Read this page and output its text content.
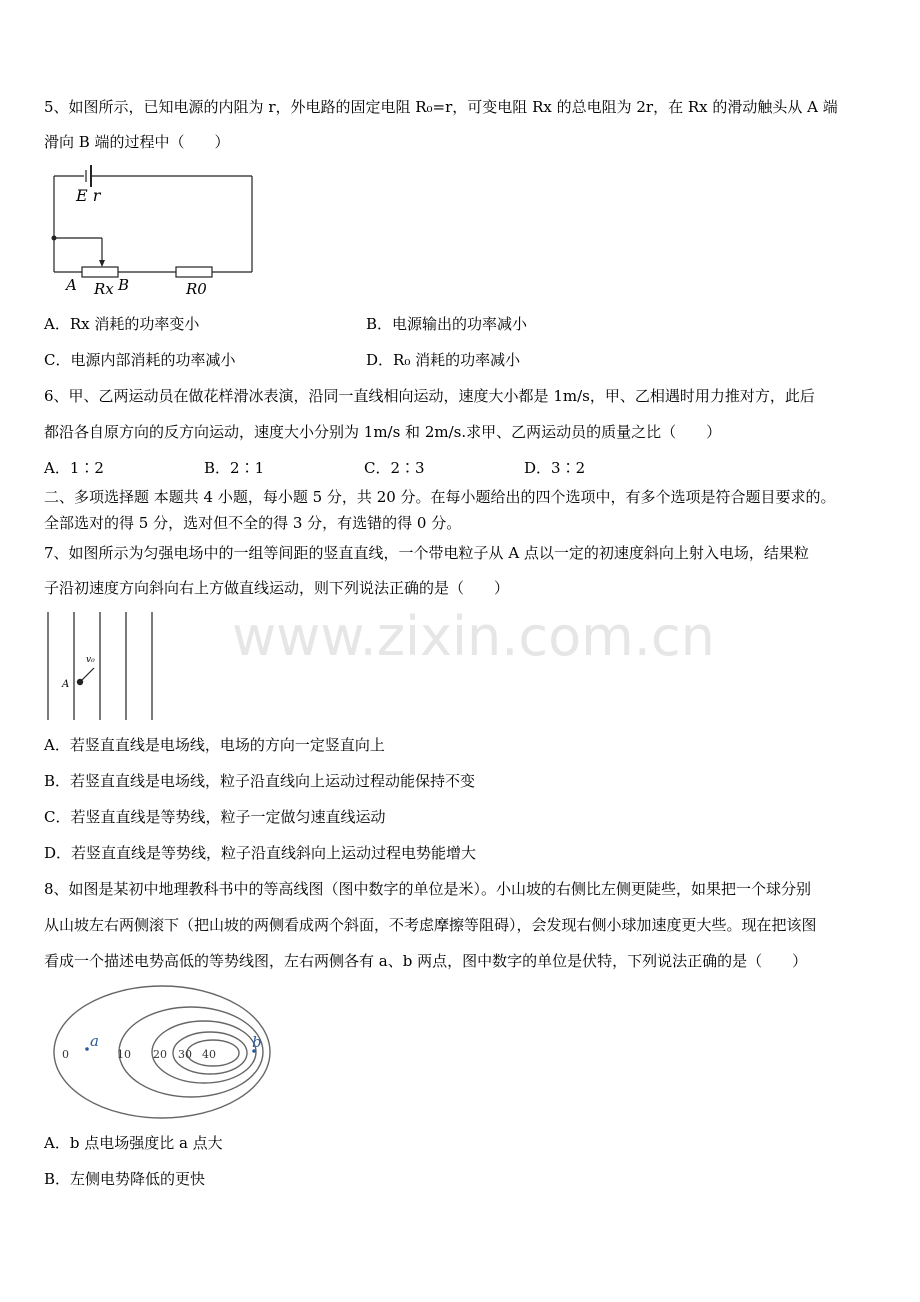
www.zixin.com.cn
5、如图所示，已知电源的内阻为 r，外电路的固定电阻 R₀=r，可变电阻 Rx 的总电阻为 2r，在 Rx 的滑动触头从 A 端
滑向 B 端的过程中（　　）
E r
A Rx B	R0
A．Rx 消耗的功率变小	B．电源输出的功率减小
C．电源内部消耗的功率减小	D．R₀ 消耗的功率减小
6、甲、乙两运动员在做花样滑冰表演，沿同一直线相向运动，速度大小都是 1m/s，甲、乙相遇时用力推对方，此后
都沿各自原方向的反方向运动，速度大小分别为 1m/s 和 2m/s.求甲、乙两运动员的质量之比（　　）
A．1∶2	B．2∶1	C．2∶3	D．3∶2
二、多项选择题 本题共 4 小题，每小题 5 分，共 20 分。在每小题给出的四个选项中，有多个选项是符合题目要求的。
全部选对的得 5 分，选对但不全的得 3 分，有选错的得 0 分。
7、如图所示为匀强电场中的一组等间距的竖直直线，一个带电粒子从 A 点以一定的初速度斜向上射入电场，结果粒
子沿初速度方向斜向右上方做直线运动，则下列说法正确的是（　　）
A
v₀
A．若竖直直线是电场线，电场的方向一定竖直向上
B．若竖直直线是电场线，粒子沿直线向上运动过程动能保持不变
C．若竖直直线是等势线，粒子一定做匀速直线运动
D．若竖直直线是等势线，粒子沿直线斜向上运动过程电势能增大
8、如图是某初中地理教科书中的等高线图（图中数字的单位是米）。小山坡的右侧比左侧更陡些，如果把一个球分别
从山坡左右两侧滚下（把山坡的两侧看成两个斜面，不考虑摩擦等阻碍），会发现右侧小球加速度更大些。现在把该图
看成一个描述电势高低的等势线图，左右两侧各有 a、b 两点，图中数字的单位是伏特，下列说法正确的是（　　）
0	10 20 30 40
a	b
A．b 点电场强度比 a 点大
B．左侧电势降低的更快
